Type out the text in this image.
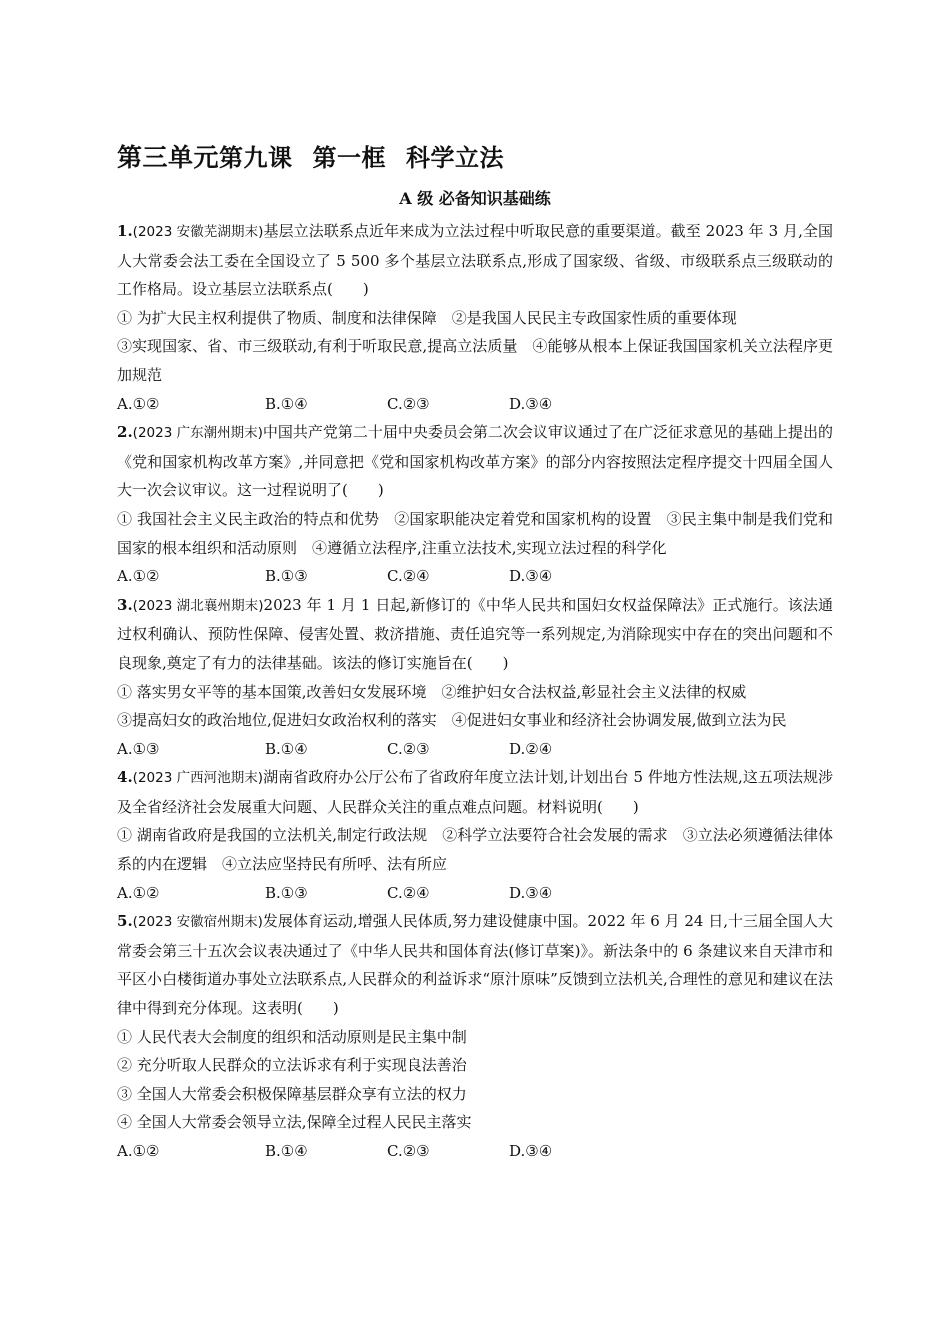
第三单元第九课 第一框 科学立法
A 级 必备知识基础练
1.(2023 安徽芜湖期末)基层立法联系点近年来成为立法过程中听取民意的重要渠道。截至 2023 年 3 月,全国人大常委会法工委在全国设立了 5 500 多个基层立法联系点,形成了国家级、省级、市级联系点三级联动的工作格局。设立基层立法联系点(　　)
① 为扩大民主权利提供了物质、制度和法律保障　②是我国人民民主专政国家性质的重要体现
③实现国家、省、市三级联动,有利于听取民意,提高立法质量　④能够从根本上保证我国国家机关立法程序更加规范
A.①②	B.①④	C.②③	D.③④
2.(2023 广东潮州期末)中国共产党第二十届中央委员会第二次会议审议通过了在广泛征求意见的基础上提出的《党和国家机构改革方案》,并同意把《党和国家机构改革方案》的部分内容按照法定程序提交十四届全国人大一次会议审议。这一过程说明了(　　)
① 我国社会主义民主政治的特点和优势　②国家职能决定着党和国家机构的设置　③民主集中制是我们党和国家的根本组织和活动原则　④遵循立法程序,注重立法技术,实现立法过程的科学化
A.①②	B.①③	C.②④	D.③④
3.(2023 湖北襄州期末)2023 年 1 月 1 日起,新修订的《中华人民共和国妇女权益保障法》正式施行。该法通过权利确认、预防性保障、侵害处置、救济措施、责任追究等一系列规定,为消除现实中存在的突出问题和不良现象,奠定了有力的法律基础。该法的修订实施旨在(　　)
① 落实男女平等的基本国策,改善妇女发展环境　②维护妇女合法权益,彰显社会主义法律的权威
③提高妇女的政治地位,促进妇女政治权利的落实　④促进妇女事业和经济社会协调发展,做到立法为民
A.①③	B.①④	C.②③	D.②④
4.(2023 广西河池期末)湖南省政府办公厅公布了省政府年度立法计划,计划出台 5 件地方性法规,这五项法规涉及全省经济社会发展重大问题、人民群众关注的重点难点问题。材料说明(　　)
① 湖南省政府是我国的立法机关,制定行政法规　②科学立法要符合社会发展的需求　③立法必须遵循法律体系的内在逻辑　④立法应坚持民有所呼、法有所应
A.①②	B.①③	C.②④	D.③④
5.(2023 安徽宿州期末)发展体育运动,增强人民体质,努力建设健康中国。2022 年 6 月 24 日,十三届全国人大常委会第三十五次会议表决通过了《中华人民共和国体育法(修订草案)》。新法条中的 6 条建议来自天津市和平区小白楼街道办事处立法联系点,人民群众的利益诉求“原汁原味”反馈到立法机关,合理性的意见和建议在法律中得到充分体现。这表明(　　)
① 人民代表大会制度的组织和活动原则是民主集中制
② 充分听取人民群众的立法诉求有利于实现良法善治
③ 全国人大常委会积极保障基层群众享有立法的权力
④ 全国人大常委会领导立法,保障全过程人民民主落实
A.①②	B.①④	C.②③	D.③④
